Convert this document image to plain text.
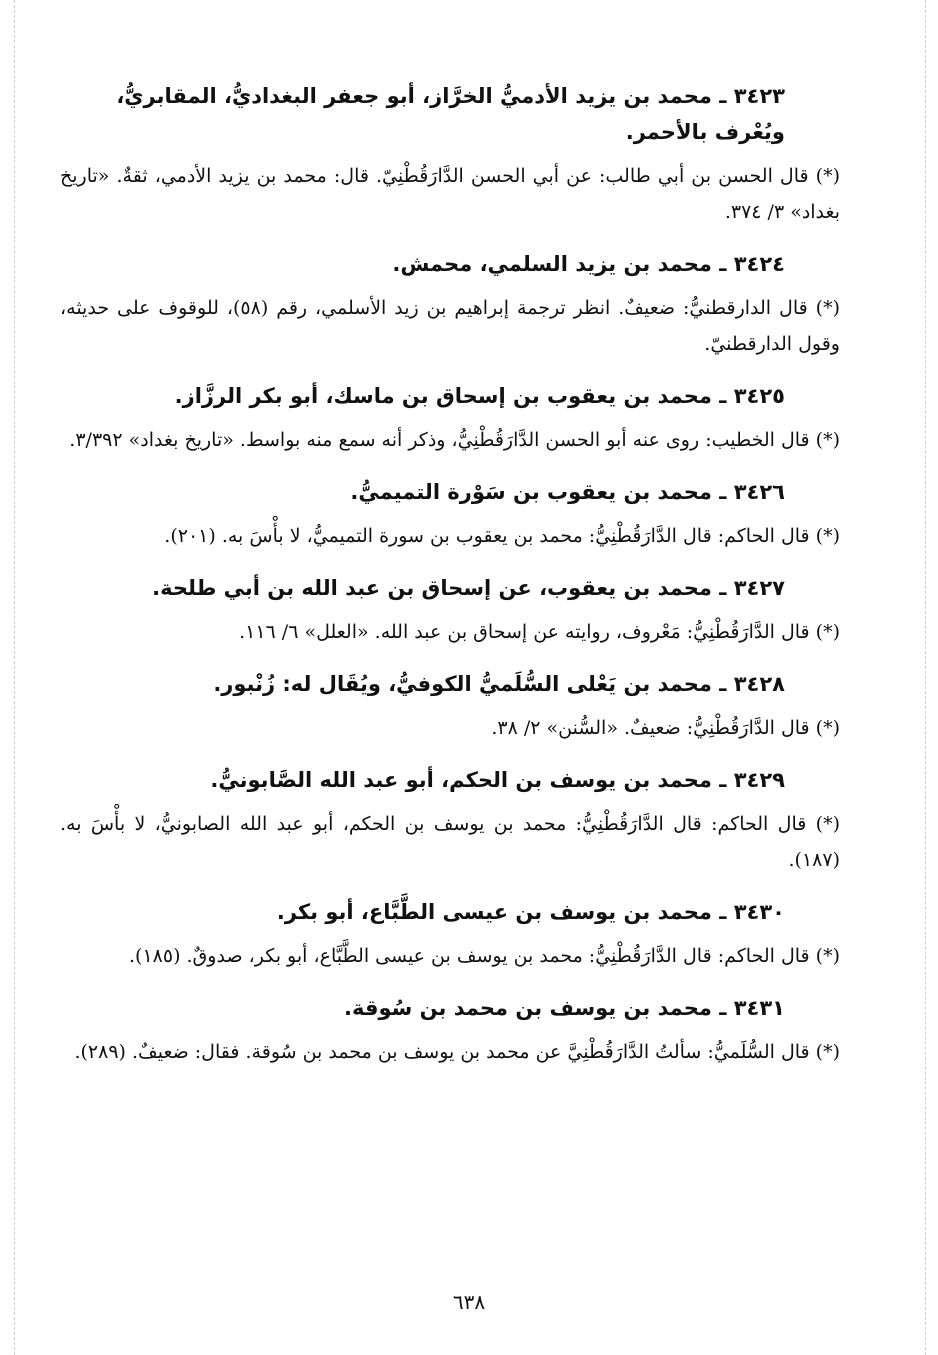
٣٤٢٣ ـ محمد بن يزيد الأدميُّ الخرَّاز، أبو جعفر البغداديُّ، المقابريُّ، ويُعْرف بالأحمر.
(*) قال الحسن بن أبي طالب: عن أبي الحسن الدَّارَقُطْنِيّ. قال: محمد بن يزيد الأدمي، ثقةٌ. «تاريخ بغداد» ٣/ ٣٧٤.
٣٤٢٤ ـ محمد بن يزيد السلمي، محمش.
(*) قال الدارقطنيُّ: ضعيفٌ. انظر ترجمة إبراهيم بن زيد الأسلمي، رقم (٥٨)، للوقوف على حديثه، وقول الدارقطنيّ.
٣٤٢٥ ـ محمد بن يعقوب بن إسحاق بن ماسك، أبو بكر الرزَّاز.
(*) قال الخطيب: روى عنه أبو الحسن الدَّارَقُطْنِيُّ، وذكر أنه سمع منه بواسط. «تاريخ بغداد» ٣/٣٩٢.
٣٤٢٦ ـ محمد بن يعقوب بن سَوْرة التميميُّ.
(*) قال الحاكم: قال الدَّارَقُطْنِيُّ: محمد بن يعقوب بن سورة التميميُّ، لا بأْسَ به. (٢٠١).
٣٤٢٧ ـ محمد بن يعقوب، عن إسحاق بن عبد الله بن أبي طلحة.
(*) قال الدَّارَقُطْنِيُّ: مَعْروف، روايته عن إسحاق بن عبد الله. «العلل» ٦/ ١١٦.
٣٤٢٨ ـ محمد بن يَعْلى السُّلَميُّ الكوفيُّ، ويُقَال له: زُنْبور.
(*) قال الدَّارَقُطْنِيُّ: ضعيفٌ. «السُّنن» ٢/ ٣٨.
٣٤٢٩ ـ محمد بن يوسف بن الحكم، أبو عبد الله الصَّابونيُّ.
(*) قال الحاكم: قال الدَّارَقُطْنِيُّ: محمد بن يوسف بن الحكم، أبو عبد الله الصابونيُّ، لا بأْسَ به. (١٨٧).
٣٤٣٠ ـ محمد بن يوسف بن عيسى الطَّبَّاع، أبو بكر.
(*) قال الحاكم: قال الدَّارَقُطْنِيُّ: محمد بن يوسف بن عيسى الطَّبَّاع، أبو بكر، صدوقٌ. (١٨٥).
٣٤٣١ ـ محمد بن يوسف بن محمد بن سُوقة.
(*) قال السُّلَميُّ: سألتُ الدَّارَقُطْنِيَّ عن محمد بن يوسف بن محمد بن سُوقة. فقال: ضعيفٌ. (٢٨٩).
٦٣٨
